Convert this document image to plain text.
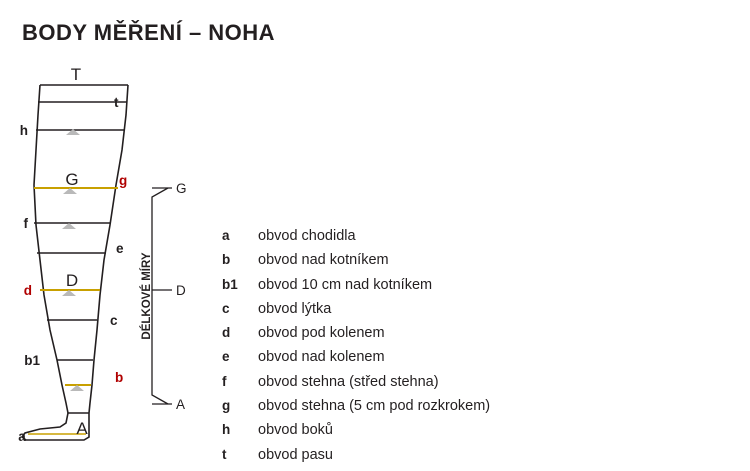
BODY MĚŘENÍ – NOHA
T
G
D
A
h
f
d
b1
t
g
e
c
b
a
DÉLKOVÉ MÍRY
G
D
A
a	obvod chodidla
b	obvod nad kotníkem
b1	obvod 10 cm nad kotníkem
c	obvod lýtka
d	obvod pod kolenem
e	obvod nad kolenem
f	obvod stehna (střed stehna)
g	obvod stehna (5 cm pod rozkrokem)
h	obvod boků
t	obvod pasu
